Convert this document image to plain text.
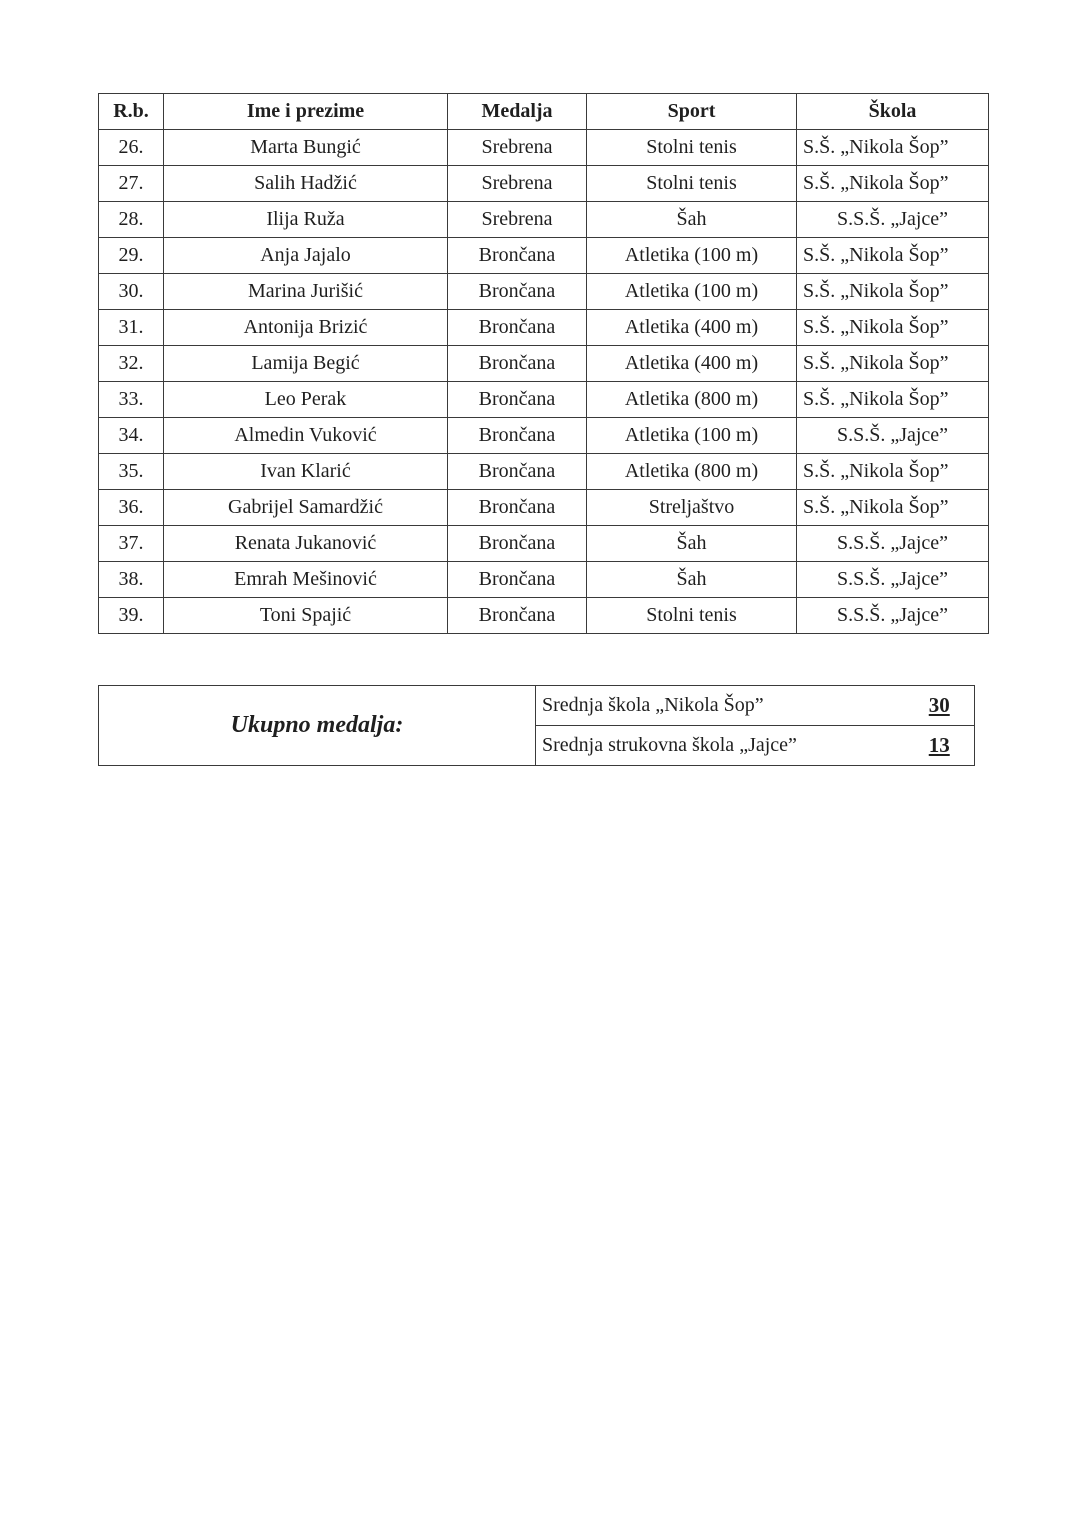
R.b.	Ime i prezime	Medalja	Sport	Škola
26.	Marta Bungić	Srebrena	Stolni tenis	S.Š. „Nikola Šop”
27.	Salih Hadžić	Srebrena	Stolni tenis	S.Š. „Nikola Šop”
28.	Ilija Ruža	Srebrena	Šah	S.S.Š. „Jajce”
29.	Anja Jajalo	Brončana	Atletika (100 m)	S.Š. „Nikola Šop”
30.	Marina Jurišić	Brončana	Atletika (100 m)	S.Š. „Nikola Šop”
31.	Antonija Brizić	Brončana	Atletika (400 m)	S.Š. „Nikola Šop”
32.	Lamija Begić	Brončana	Atletika (400 m)	S.Š. „Nikola Šop”
33.	Leo Perak	Brončana	Atletika (800 m)	S.Š. „Nikola Šop”
34.	Almedin Vuković	Brončana	Atletika (100 m)	S.S.Š. „Jajce”
35.	Ivan Klarić	Brončana	Atletika (800 m)	S.Š. „Nikola Šop”
36.	Gabrijel Samardžić	Brončana	Streljaštvo	S.Š. „Nikola Šop”
37.	Renata Jukanović	Brončana	Šah	S.S.Š. „Jajce”
38.	Emrah Mešinović	Brončana	Šah	S.S.Š. „Jajce”
39.	Toni Spajić	Brončana	Stolni tenis	S.S.Š. „Jajce”
Ukupno medalja:	Srednja škola „Nikola Šop”	30
	Srednja strukovna škola „Jajce”	13
